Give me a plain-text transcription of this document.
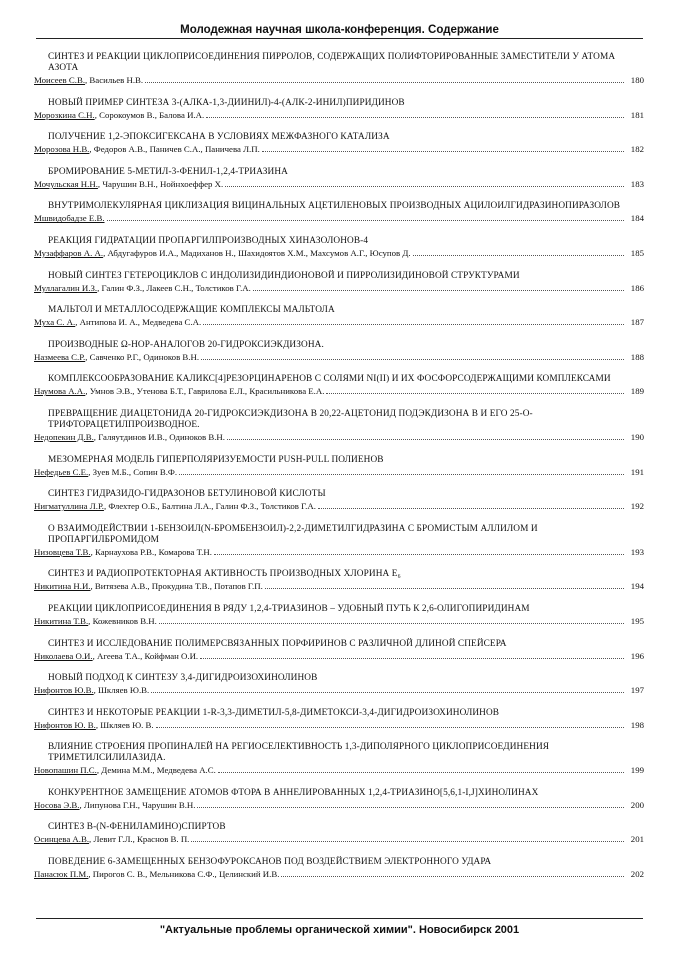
Молодежная научная школа-конференция. Содержание
СИНТЕЗ И РЕАКЦИИ ЦИКЛОПРИСОЕДИНЕНИЯ ПИРРОЛОВ, СОДЕРЖАЩИХ ПОЛИФТОРИРОВАННЫЕ ЗАМЕСТИТЕЛИ У АТОМА АЗОТА
Моисеев С.В., Васильев Н.В.	180
НОВЫЙ ПРИМЕР СИНТЕЗА 3-(АЛКА-1,3-ДИИНИЛ)-4-(АЛК-2-ИНИЛ)ПИРИДИНОВ
Морозкина С.Н., Сорокоумов В., Балова И.А.	181
ПОЛУЧЕНИЕ 1,2-ЭПОКСИГЕКСАНА В УСЛОВИЯХ МЕЖФАЗНОГО КАТАЛИЗА
Морозова Н.В., Федоров А.В., Паничев С.А., Паничева Л.П.	182
БРОМИРОВАНИЕ 5-МЕТИЛ-3-ФЕНИЛ-1,2,4-ТРИАЗИНА
Мочульская Н.Н., Чарушин В.Н., Нойнхоеффер Х.	183
ВНУТРИМОЛЕКУЛЯРНАЯ ЦИКЛИЗАЦИЯ ВИЦИНАЛЬНЫХ АЦЕТИЛЕНОВЫХ ПРОИЗВОДНЫХ АЦИЛОИЛГИДРАЗИНОПИРАЗОЛОВ
Мшвидобадзе Е.В.	184
РЕАКЦИЯ ГИДРАТАЦИИ ПРОПАРГИЛПРОИЗВОДНЫХ ХИНАЗОЛОНОВ-4
Музаффаров А. А., Абдугафуров И.А., Мадиханов Н., Шахидоятов Х.М., Махсумов А.Г., Юсупов Д.	185
НОВЫЙ СИНТЕЗ ГЕТЕРОЦИКЛОВ С ИНДОЛИЗИДИНДИОНОВОЙ И ПИРРОЛИЗИДИНОВОЙ СТРУКТУРАМИ
Муллагалин И.З., Галин Ф.З., Лакеев С.Н., Толстиков Г.А.	186
МАЛЬТОЛ И МЕТАЛЛОСОДЕРЖАЩИЕ КОМПЛЕКСЫ МАЛЬТОЛА
Муха С. А., Антипова И. А., Медведева С.А.	187
ПРОИЗВОДНЫЕ Ω-НОР-АНАЛОГОВ 20-ГИДРОКСИЭКДИЗОНА.
Назмеева С.Р., Савченко Р.Г., Одиноков В.Н.	188
КОМПЛЕКСООБРАЗОВАНИЕ КАЛИКС[4]РЕЗОРЦИНАРЕНОВ С СОЛЯМИ NI(II) И ИХ ФОСФОРСОДЕРЖАЩИМИ КОМПЛЕКСАМИ
Наумова А.А., Умнов Э.В., Утенова Б.Т., Гаврилова Е.Л., Красильникова Е.А.	189
ПРЕВРАЩЕНИЕ ДИАЦЕТОНИДА 20-ГИДРОКСИЭКДИЗОНА В 20,22-АЦЕТОНИД ПОДЭКДИЗОНА В И ЕГО 25-О-ТРИФТОРАЦЕТИЛПРОИЗВОДНОЕ.
Недопекин Д.В., Галяутдинов И.В., Одиноков В.Н.	190
МЕЗОМЕРНАЯ МОДЕЛЬ ГИПЕРПОЛЯРИЗУЕМОСТИ PUSH-PULL ПОЛИЕНОВ
Нефедьев С.Е., Зуев М.Б., Сопин В.Ф.	191
СИНТЕЗ ГИДРАЗИДО-ГИДРАЗОНОВ БЕТУЛИНОВОЙ КИСЛОТЫ
Нигматуллина Л.Р., Флехтер О.Б., Балтина Л.А., Галин Ф.З., Толстиков Г.А.	192
О ВЗАИМОДЕЙСТВИИ 1-БЕНЗОИЛ(N-БРОМБЕНЗОИЛ)-2,2-ДИМЕТИЛГИДРАЗИНА С БРОМИСТЫМ АЛЛИЛОМ И ПРОПАРГИЛБРОМИДОМ
Низовцева Т.В., Карнаухова Р.В., Комарова Т.Н.	193
СИНТЕЗ И РАДИОПРОТЕКТОРНАЯ АКТИВНОСТЬ ПРОИЗВОДНЫХ ХЛОРИНА E₆
Никитина Н.И., Витязева А.В., Прокудина Т.В., Потапов Г.П.	194
РЕАКЦИИ ЦИКЛОПРИСОЕДИНЕНИЯ В РЯДУ 1,2,4-ТРИАЗИНОВ – УДОБНЫЙ ПУТЬ К 2,6-ОЛИГОПИРИДИНАМ
Никитина Т.В., Кожевников В.Н.	195
СИНТЕЗ И ИССЛЕДОВАНИЕ ПОЛИМЕРСВЯЗАННЫХ ПОРФИРИНОВ С РАЗЛИЧНОЙ ДЛИНОЙ СПЕЙСЕРА
Николаева О.И., Агеева Т.А., Койфман О.И.	196
НОВЫЙ ПОДХОД К СИНТЕЗУ 3,4-ДИГИДРОИЗОХИНОЛИНОВ
Нифонтов Ю.В., Шкляев Ю.В.	197
СИНТЕЗ И НЕКОТОРЫЕ РЕАКЦИИ 1-R-3,3-ДИМЕТИЛ-5,8-ДИМЕТОКСИ-3,4-ДИГИДРОИЗОХИНОЛИНОВ
Нифонтов Ю. В., Шкляев Ю. В.	198
ВЛИЯНИЕ СТРОЕНИЯ ПРОПИНАЛЕЙ НА РЕГИОСЕЛЕКТИВНОСТЬ 1,3-ДИПОЛЯРНОГО ЦИКЛОПРИСОЕДИНЕНИЯ ТРИМЕТИЛСИЛИЛАЗИДА.
Новопашин П.С., Демина М.М., Медведева А.С.	199
КОНКУРЕНТНОЕ ЗАМЕЩЕНИЕ АТОМОВ ФТОРА В АННЕЛИРОВАННЫХ 1,2,4-ТРИАЗИНО[5,6,1-I,J]ХИНОЛИНАХ
Носова Э.В., Липунова Г.Н., Чарушин В.Н.	200
СИНТЕЗ Β-(N-ФЕНИЛАМИНО)СПИРТОВ
Осинцева А.В., Левит Г.Л., Краснов В. П.	201
ПОВЕДЕНИЕ 6-ЗАМЕЩЕННЫХ БЕНЗОФУРОКСАНОВ ПОД ВОЗДЕЙСТВИЕМ ЭЛЕКТРОННОГО УДАРА
Панасюк П.М., Пирогов С. В., Мельникова С.Ф., Целинский И.В.	202
"Актуальные проблемы органической химии". Новосибирск 2001
